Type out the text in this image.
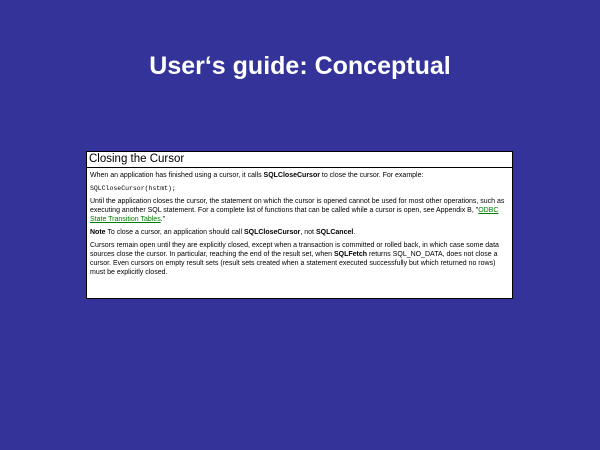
User‘s guide: Conceptual
Closing the Cursor

When an application has finished using a cursor, it calls SQLCloseCursor to close the cursor. For example:

SQLCloseCursor(hstmt);

Until the application closes the cursor, the statement on which the cursor is opened cannot be used for most other operations, such as executing another SQL statement. For a complete list of functions that can be called while a cursor is open, see Appendix B, "ODBC State Transition Tables."

Note To close a cursor, an application should call SQLCloseCursor, not SQLCancel.

Cursors remain open until they are explicitly closed, except when a transaction is committed or rolled back, in which case some data sources close the cursor. In particular, reaching the end of the result set, when SQLFetch returns SQL_NO_DATA, does not close a cursor. Even cursors on empty result sets (result sets created when a statement executed successfully but which returned no rows) must be explicitly closed.
